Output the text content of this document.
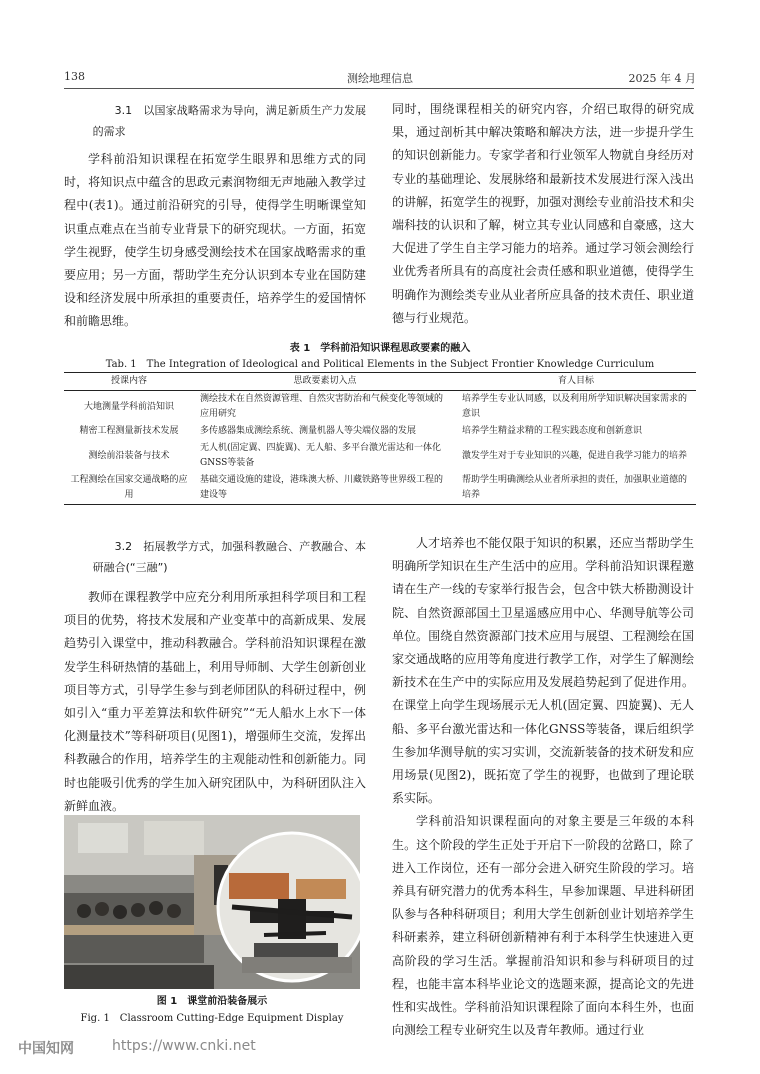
138	测绘地理信息	2025 年 4 月

3.1　以国家战略需求为导向，满足新质生产力发展的需求

学科前沿知识课程在拓宽学生眼界和思维方式的同时，将知识点中蕴含的思政元素润物细无声地融入教学过程中(表1)。通过前沿研究的引导，使得学生明晰课堂知识重点难点在当前专业背景下的研究现状。一方面，拓宽学生视野，使学生切身感受测绘技术在国家战略需求的重要应用；另一方面，帮助学生充分认识到本专业在国防建设和经济发展中所承担的重要责任，培养学生的爱国情怀和前瞻思维。

同时，围绕课程相关的研究内容，介绍已取得的研究成果，通过剖析其中解决策略和解决方法，进一步提升学生的知识创新能力。专家学者和行业领军人物就自身经历对专业的基础理论、发展脉络和最新技术发展进行深入浅出的讲解，拓宽学生的视野，加强对测绘专业前沿技术和尖端科技的认识和了解，树立其专业认同感和自豪感，这大大促进了学生自主学习能力的培养。通过学习领会测绘行业优秀者所具有的高度社会责任感和职业道德，使得学生明确作为测绘类专业从业者所应具备的技术责任、职业道德与行业规范。

表 1　学科前沿知识课程思政要素的融入
Tab. 1　The Integration of Ideological and Political Elements in the Subject Frontier Knowledge Curriculum
授课内容	思政要素切入点	育人目标
大地测量学科前沿知识	测绘技术在自然资源管理、自然灾害防治和气候变化等领域的应用研究	培养学生专业认同感，以及利用所学知识解决国家需求的意识
精密工程测量新技术发展	多传感器集成测绘系统、测量机器人等尖端仪器的发展	培养学生精益求精的工程实践态度和创新意识
测绘前沿装备与技术	无人机(固定翼、四旋翼)、无人船、多平台激光雷达和一体化GNSS等装备	激发学生对于专业知识的兴趣，促进自我学习能力的培养
工程测绘在国家交通战略的应用	基础交通设施的建设，港珠澳大桥、川藏铁路等世界级工程的建设等	帮助学生明确测绘从业者所承担的责任，加强职业道德的培养

3.2　拓展教学方式，加强科教融合、产教融合、本研融合(“三融”)

教师在课程教学中应充分利用所承担科学项目和工程项目的优势，将技术发展和产业变革中的高新成果、发展趋势引入课堂中，推动科教融合。学科前沿知识课程在激发学生科研热情的基础上，利用导师制、大学生创新创业项目等方式，引导学生参与到老师团队的科研过程中，例如引入“重力平差算法和软件研究”“无人船水上水下一体化测量技术”等科研项目(见图1)，增强师生交流，发挥出科教融合的作用，培养学生的主观能动性和创新能力。同时也能吸引优秀的学生加入研究团队中，为科研团队注入新鲜血液。

图 1　课堂前沿装备展示
Fig. 1　Classroom Cutting-Edge Equipment Display

人才培养也不能仅限于知识的积累，还应当帮助学生明确所学知识在生产生活中的应用。学科前沿知识课程邀请在生产一线的专家举行报告会，包含中铁大桥勘测设计院、自然资源部国土卫星遥感应用中心、华测导航等公司单位。围绕自然资源部门技术应用与展望、工程测绘在国家交通战略的应用等角度进行教学工作，对学生了解测绘新技术在生产中的实际应用及发展趋势起到了促进作用。在课堂上向学生现场展示无人机(固定翼、四旋翼)、无人船、多平台激光雷达和一体化GNSS等装备，课后组织学生参加华测导航的实习实训，交流新装备的技术研发和应用场景(见图2)，既拓宽了学生的视野，也做到了理论联系实际。

学科前沿知识课程面向的对象主要是三年级的本科生。这个阶段的学生正处于开启下一阶段的岔路口，除了进入工作岗位，还有一部分会进入研究生阶段的学习。培养具有研究潜力的优秀本科生，早参加课题、早进科研团队参与各种科研项目；利用大学生创新创业计划培养学生科研素养，建立科研创新精神有利于本科学生快速进入更高阶段的学习生活。掌握前沿知识和参与科研项目的过程，也能丰富本科毕业论文的选题来源，提高论文的先进性和实战性。学科前沿知识课程除了面向本科生外，也面向测绘工程专业研究生以及青年教师。通过行业

中国知网	https://www.cnki.net
